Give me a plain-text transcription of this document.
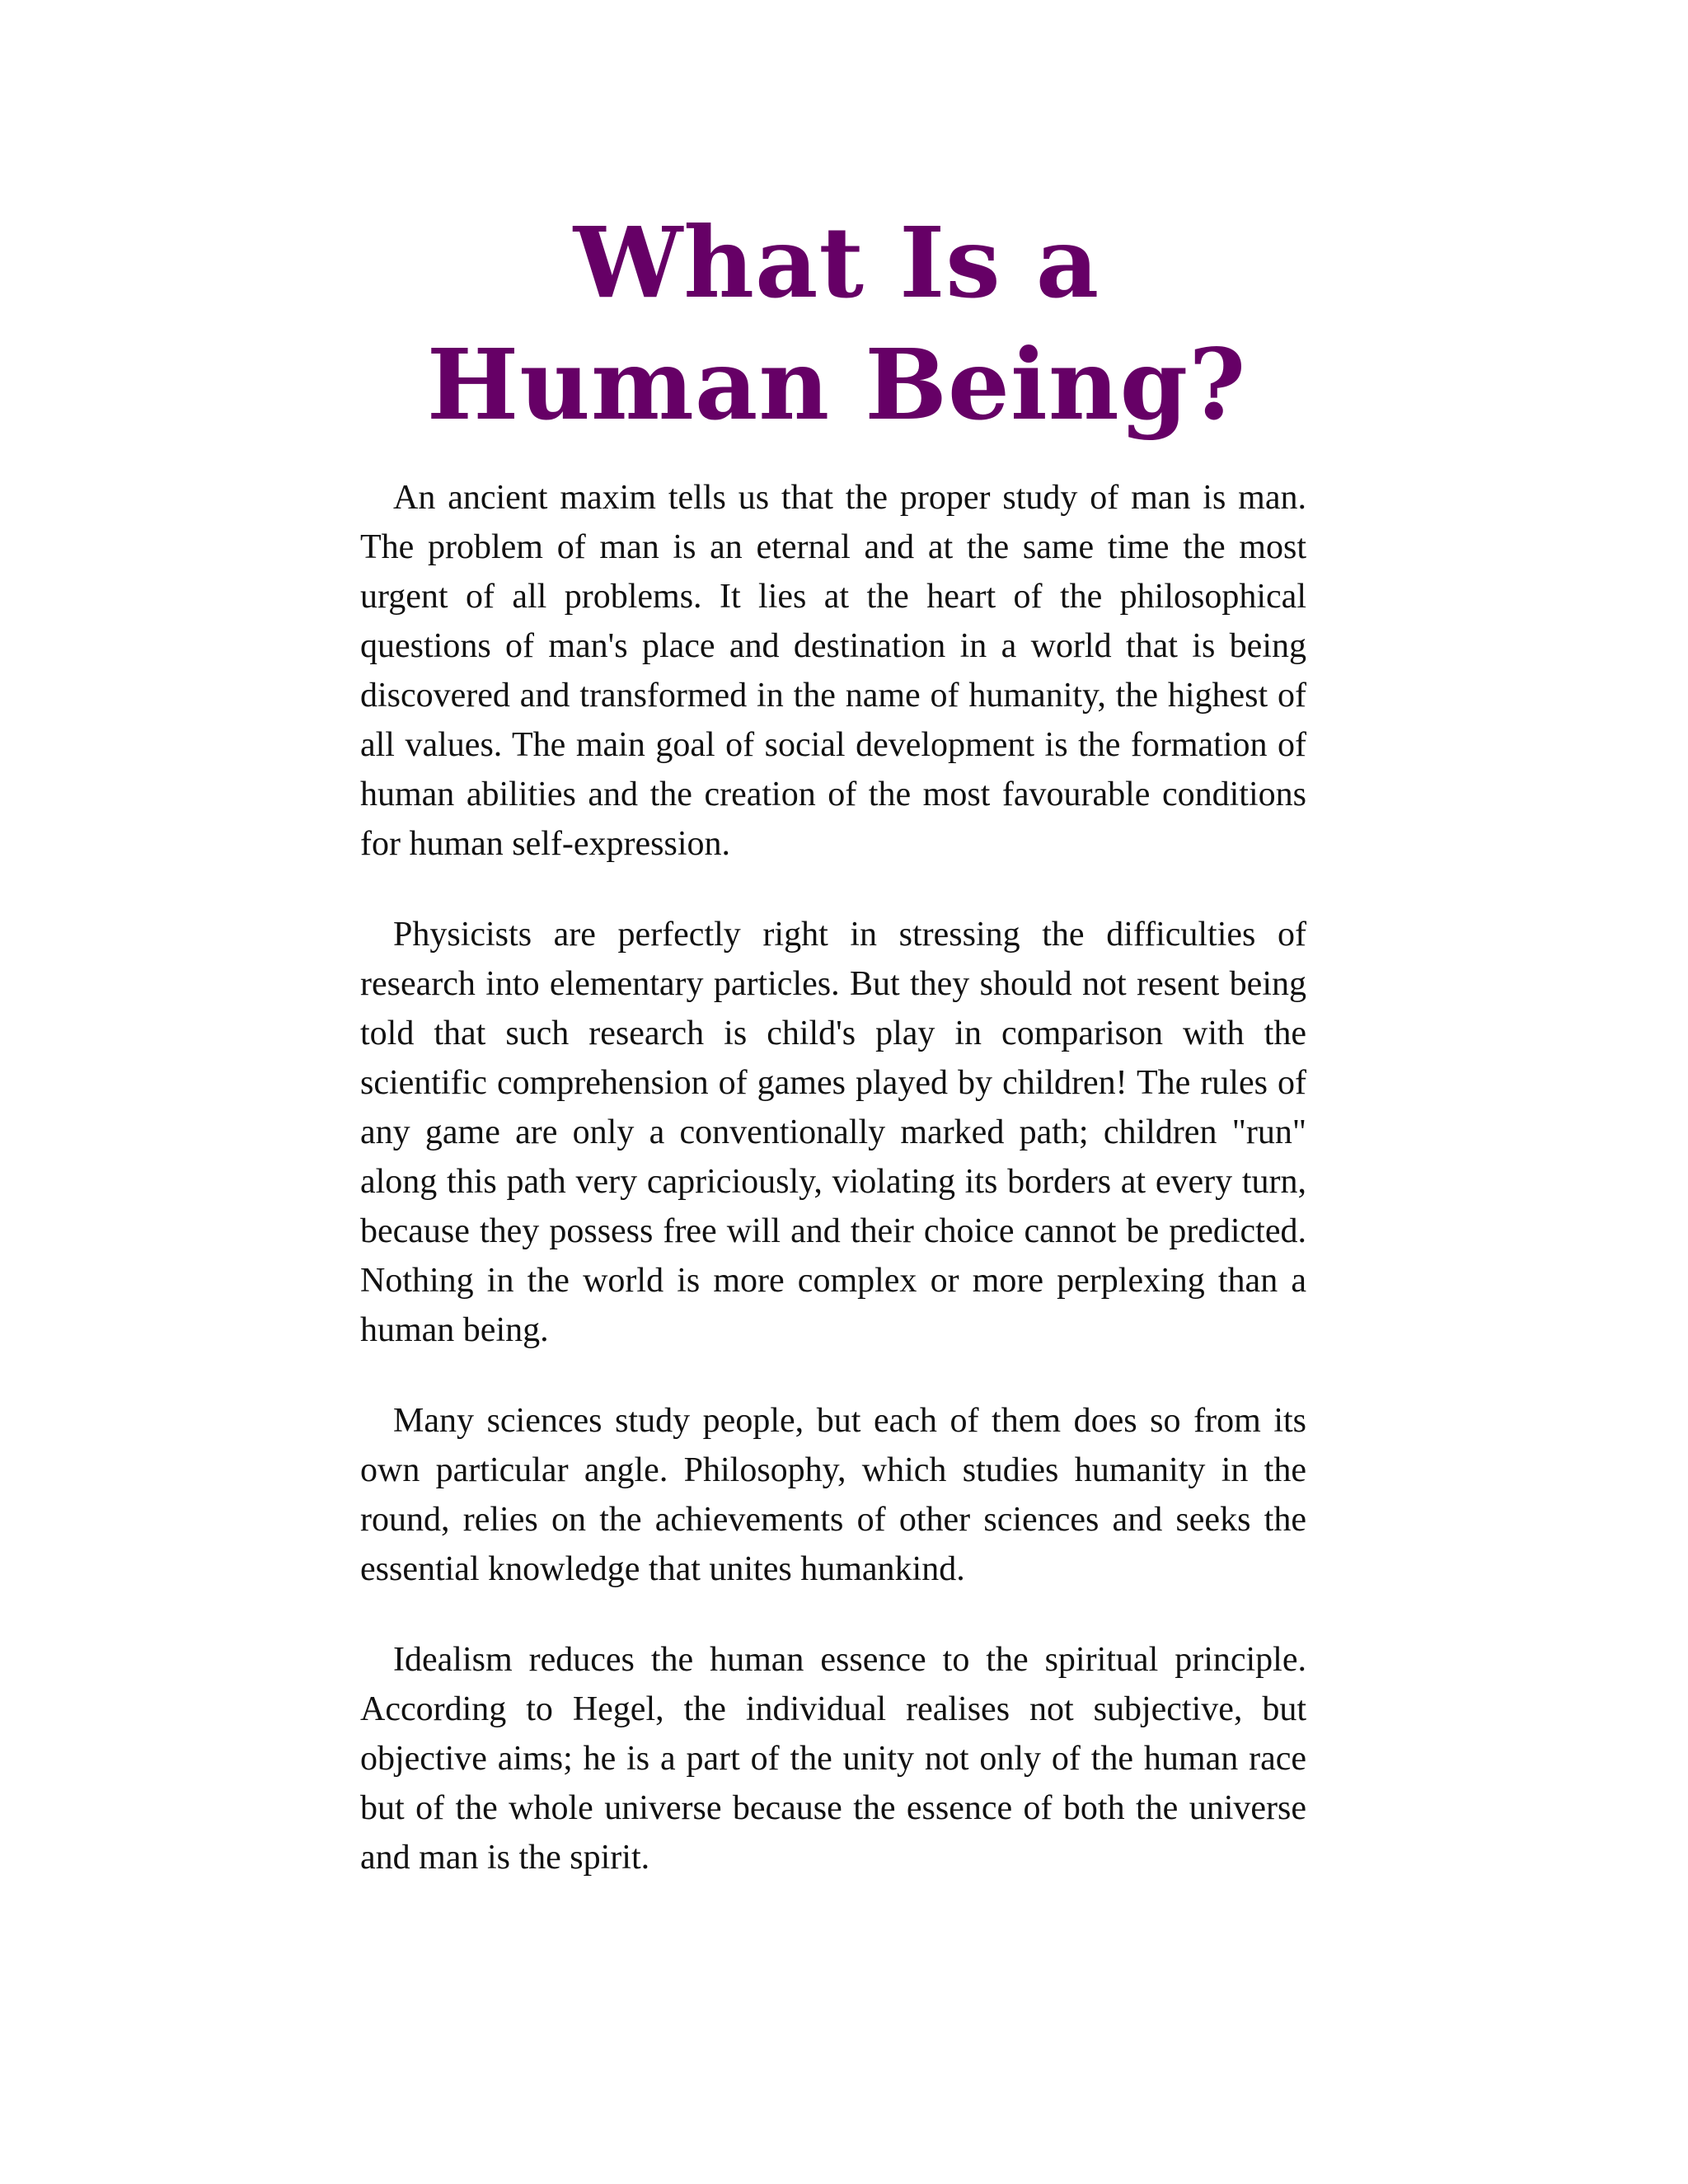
What Is a Human Being?

An ancient maxim tells us that the proper study of man is man. The problem of man is an eternal and at the same time the most urgent of all problems. It lies at the heart of the philosophical questions of man's place and destination in a world that is being discovered and transformed in the name of humanity, the highest of all values. The main goal of social development is the formation of human abilities and the creation of the most favourable conditions for human self-expression.

Physicists are perfectly right in stressing the difficulties of research into elementary particles. But they should not resent being told that such research is child's play in comparison with the scientific comprehension of games played by children! The rules of any game are only a conventionally marked path; children "run" along this path very capriciously, violating its borders at every turn, because they possess free will and their choice cannot be predicted. Nothing in the world is more complex or more perplexing than a human being.

Many sciences study people, but each of them does so from its own particular angle. Philosophy, which studies humanity in the round, relies on the achievements of other sciences and seeks the essential knowledge that unites humankind.

Idealism reduces the human essence to the spiritual principle. According to Hegel, the individual realises not subjective, but objective aims; he is a part of the unity not only of the human race but of the whole universe because the essence of both the universe and man is the spirit.
